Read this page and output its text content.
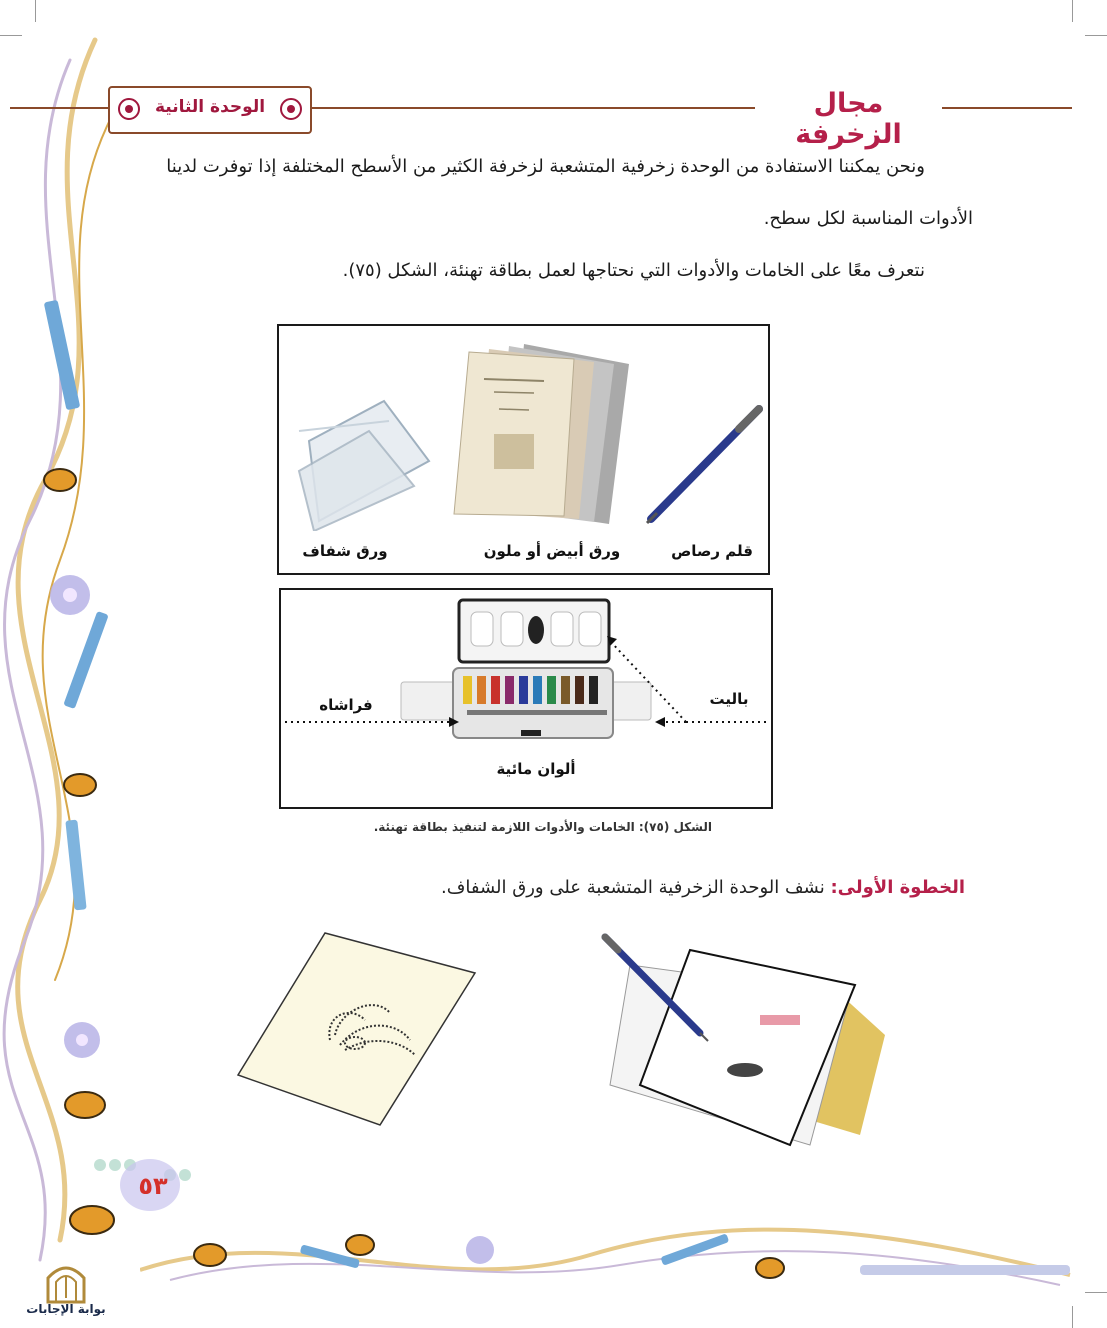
الوحدة الثانية	مجال الزخرفة
ونحن يمكننا الاستفادة من الوحدة زخرفية المتشعبة لزخرفة الكثير من الأسطح المختلفة إذا توفرت لدينا
الأدوات المناسبة لكل سطح.
نتعرف معًا على الخامات والأدوات التي نحتاجها لعمل بطاقة تهنئة، الشكل (٧٥).
ورق شفاف	ورق أبيض أو ملون	قلم رصاص
فراشاه	باليت
ألوان مائية
الشكل (٧٥): الخامات والأدوات اللازمة لتنفيذ بطاقة تهنئة.
الخطوة الأولى: نشف الوحدة الزخرفية المتشعبة على ورق الشفاف.
٥٣
بوابة الإجابات
